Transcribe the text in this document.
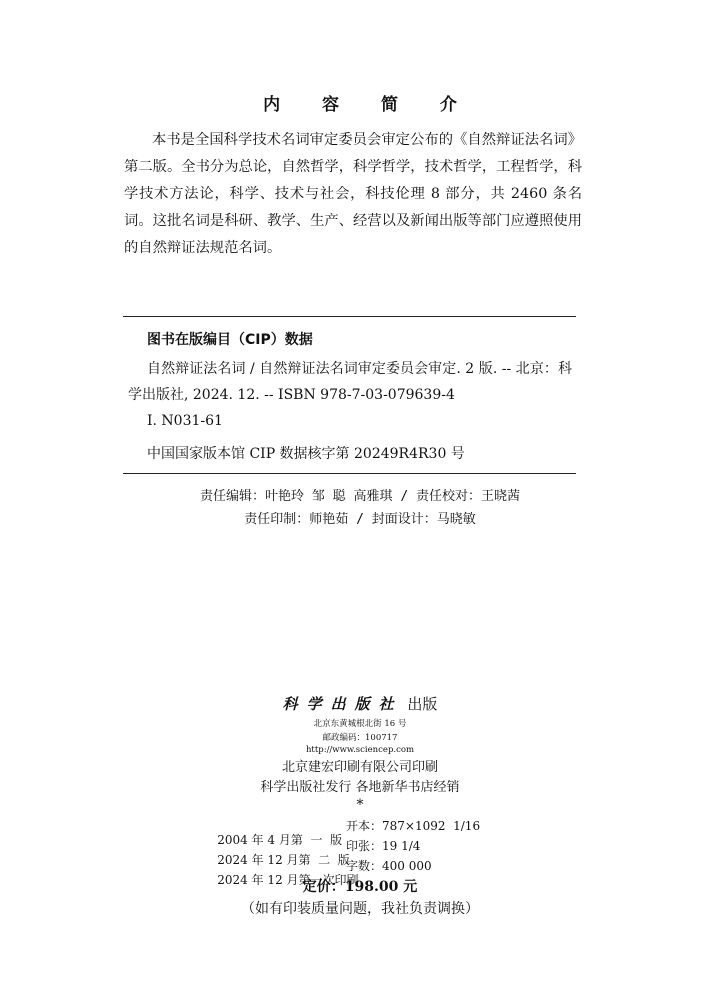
内 容 简 介
本书是全国科学技术名词审定委员会审定公布的《自然辩证法名词》第二版。全书分为总论，自然哲学，科学哲学，技术哲学，工程哲学，科学技术方法论，科学、技术与社会，科技伦理 8 部分，共 2460 条名词。这批名词是科研、教学、生产、经营以及新闻出版等部门应遵照使用的自然辩证法规范名词。
图书在版编目（CIP）数据
自然辩证法名词 / 自然辩证法名词审定委员会审定. 2 版. -- 北京：科学出版社, 2024. 12. -- ISBN 978-7-03-079639-4
Ⅰ. N031-61
中国国家版本馆 CIP 数据核字第 20249R4R30 号
责任编辑：叶艳玲 邹 聪 高雅琪 / 责任校对：王晓茜
责任印制：师艳茹 / 封面设计：马晓敏
科学出版社 出版
北京东黄城根北街 16 号
邮政编码：100717
http://www.sciencep.com
北京建宏印刷有限公司印刷
科学出版社发行 各地新华书店经销
*

2004 年 4 月第  一  版

开本：787×1092  1/16

2024 年 12 月第  二  版

印张：19 1/4

2024 年 12 月第一次印刷

字数：400 000

定价：198.00 元
（如有印装质量问题，我社负责调换）
